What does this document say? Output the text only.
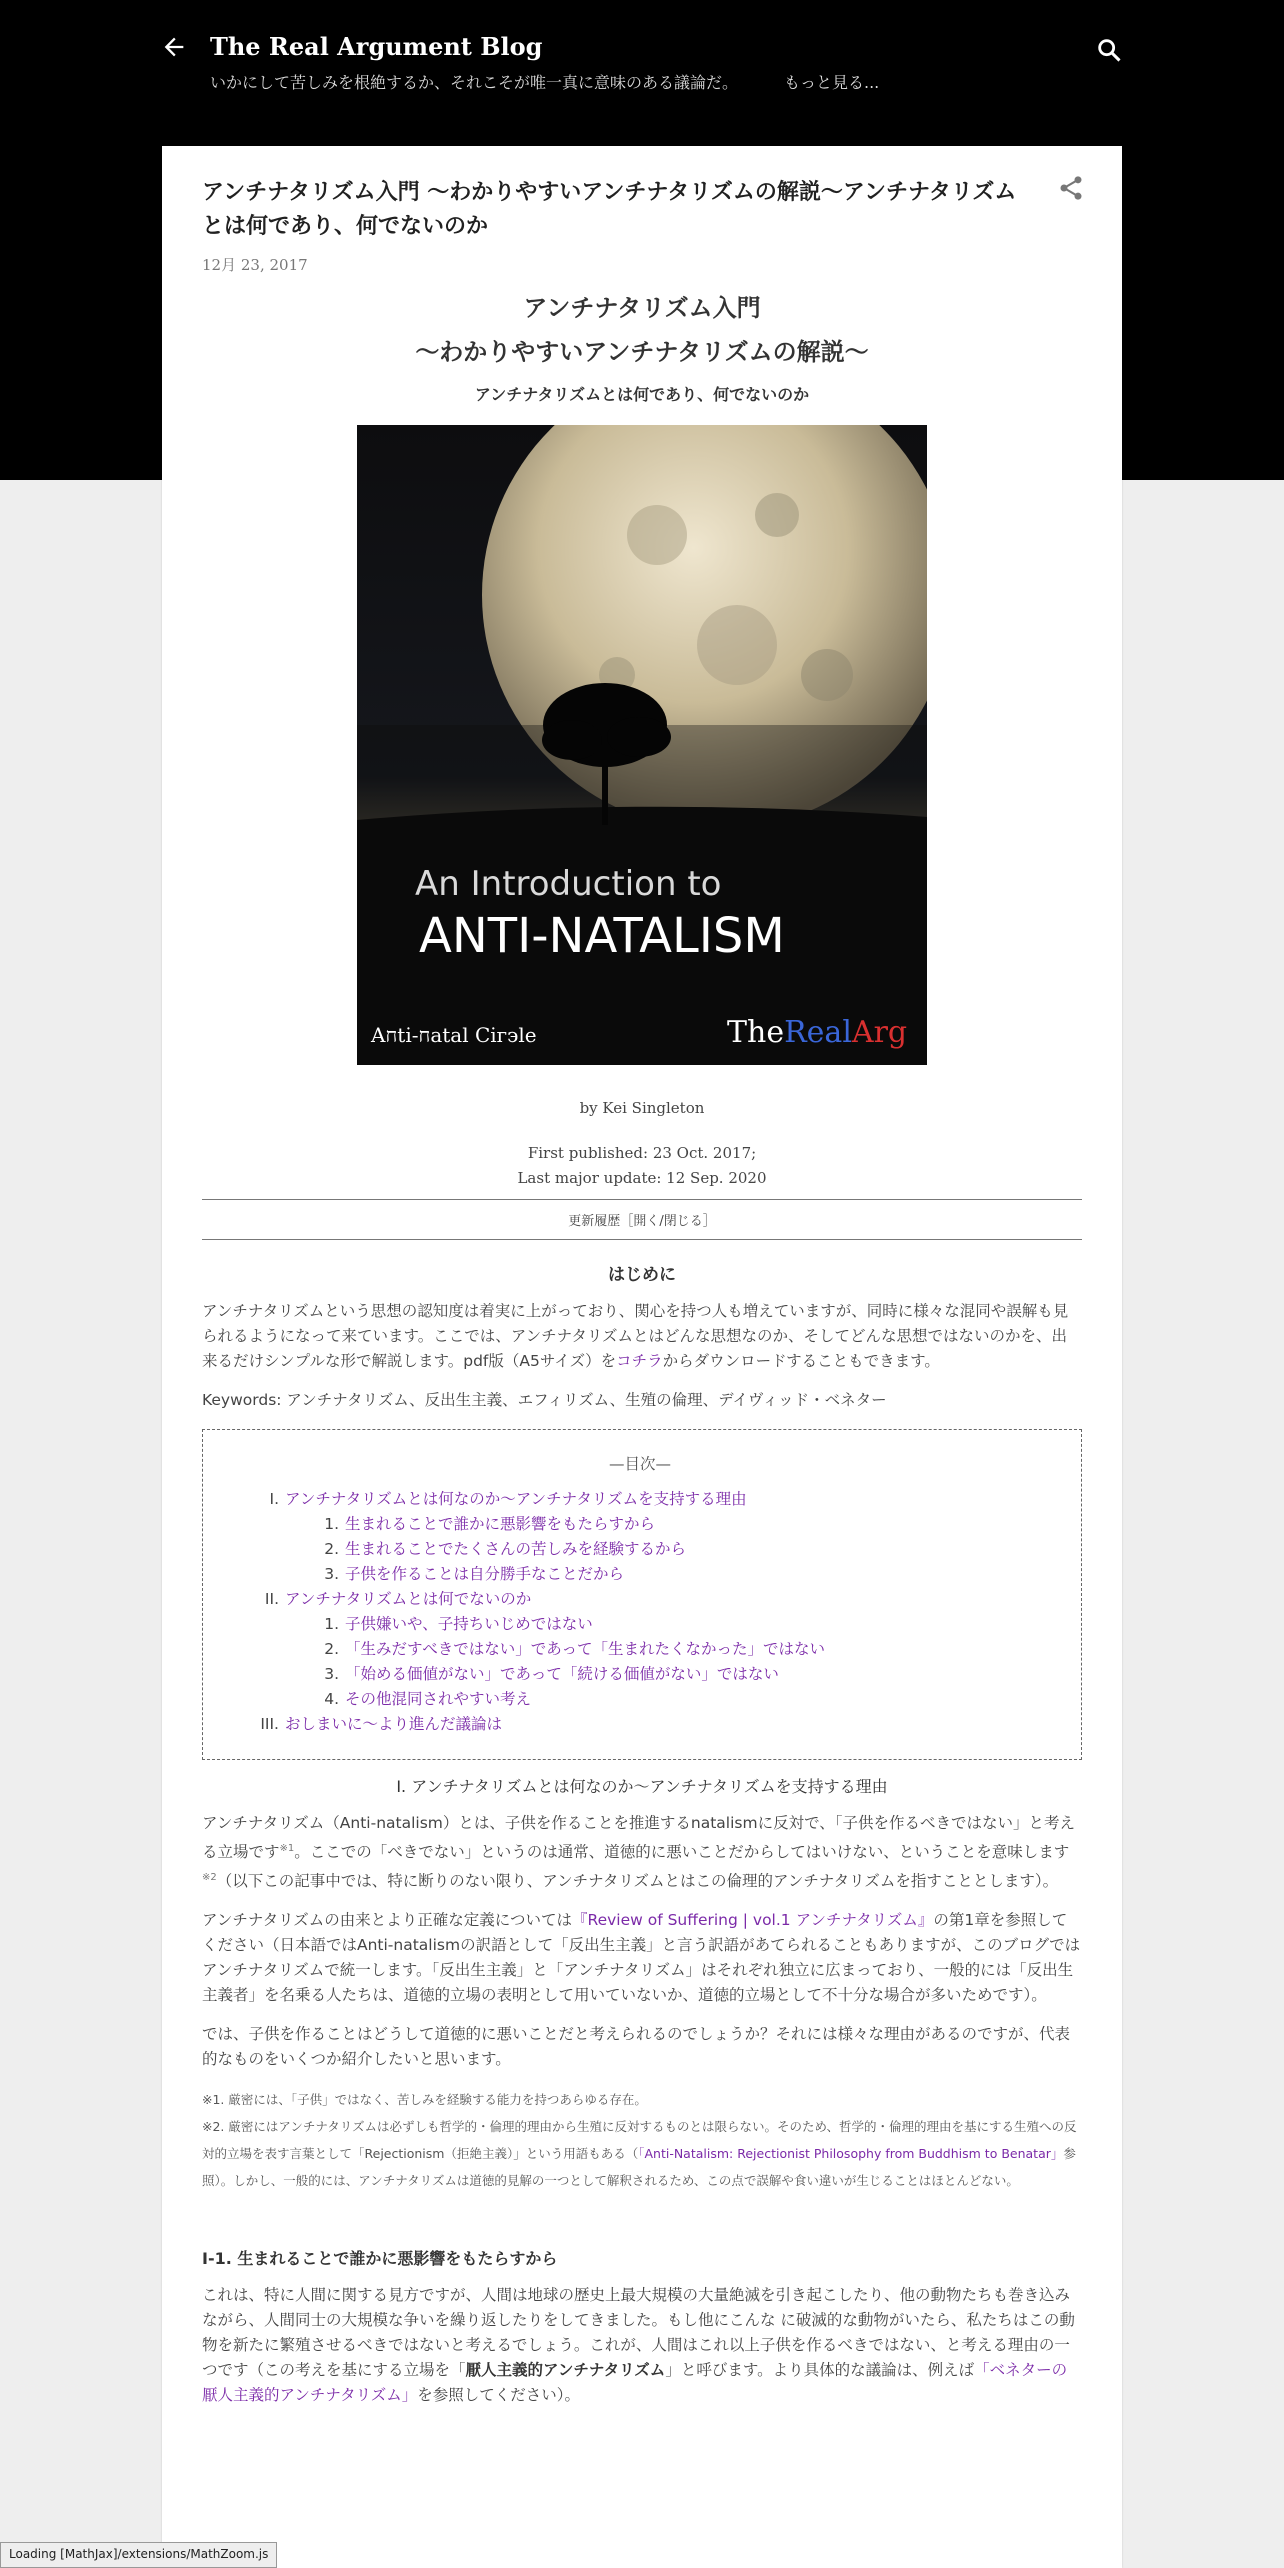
The Real Argument Blog
いかにして苦しみを根絶するか、それこそが唯一真に意味のある議論だ。	もっと見る...
アンチナタリズム入門 ～わかりやすいアンチナタリズムの解説～アンチナタリズムとは何であり、何でないのか
12月 23, 2017
アンチナタリズム入門
～わかりやすいアンチナタリズムの解説～
アンチナタリズムとは何であり、何でないのか
An Introduction to
ANTI-NATALISM
Aחti-חatal Ciгэle	TheRealArg
by Kei Singleton
First published: 23 Oct. 2017;
Last major update: 12 Sep. 2020
更新履歴［開く/閉じる］
はじめに

アンチナタリズムという思想の認知度は着実に上がっており、関心を持つ人も増えていますが、同時に様々な混同や誤解も見られるようになって来ています。ここでは、アンチナタリズムとはどんな思想なのか、そしてどんな思想ではないのかを、出来るだけシンプルな形で解説します。pdf版（A5サイズ）をコチラからダウンロードすることもできます。

Keywords: アンチナタリズム、反出生主義、エフィリズム、生殖の倫理、デイヴィッド・ベネター

—目次—
I. アンチナタリズムとは何なのか～アンチナタリズムを支持する理由
1. 生まれることで誰かに悪影響をもたらすから
2. 生まれることでたくさんの苦しみを経験するから
3. 子供を作ることは自分勝手なことだから
II. アンチナタリズムとは何でないのか
1. 子供嫌いや、子持ちいじめではない
2. 「生みだすべきではない」であって「生まれたくなかった」ではない
3. 「始める価値がない」であって「続ける価値がない」ではない
4. その他混同されやすい考え
III. おしまいに～より進んだ議論は
I. アンチナタリズムとは何なのか～アンチナタリズムを支持する理由

アンチナタリズム（Anti-natalism）とは、子供を作ることを推進するnatalismに反対で、「子供を作るべきではない」と考える立場です$^{※1}$。ここでの「べきでない」というのは通常、道徳的に悪いことだからしてはいけない、ということを意味します$^{※2}$（以下この記事中では、特に断りのない限り、アンチナタリズムとはこの倫理的アンチナタリズムを指すこととします）。

アンチナタリズムの由来とより正確な定義については『Review of Suffering | vol.1 アンチナタリズム』の第1章を参照してください（日本語ではAnti-natalismの訳語として「反出生主義」と言う訳語があてられることもありますが、このブログではアンチナタリズムで統一します。「反出生主義」と「アンチナタリズム」はそれぞれ独立に広まっており、一般的には「反出生主義者」を名乗る人たちは、道徳的立場の表明として用いていないか、道徳的立場として不十分な場合が多いためです）。

では、子供を作ることはどうして道徳的に悪いことだと考えられるのでしょうか？それには様々な理由があるのですが、代表的なものをいくつか紹介したいと思います。

※1. 厳密には、「子供」ではなく、苦しみを経験する能力を持つあらゆる存在。
※2. 厳密にはアンチナタリズムは必ずしも哲学的・倫理的理由から生殖に反対するものとは限らない。そのため、哲学的・倫理的理由を基にする生殖への反対的立場を表す言葉として「Rejectionism（拒絶主義）」という用語もある（「Anti-Natalism: Rejectionist Philosophy from Buddhism to Benatar」参照）。しかし、一般的には、アンチナタリズムは道徳的見解の一つとして解釈されるため、この点で誤解や食い違いが生じることはほとんどない。
I-1. 生まれることで誰かに悪影響をもたらすから

これは、特に人間に関する見方ですが、人間は地球の歴史上最大規模の大量絶滅を引き起こしたり、他の動物たちも巻き込みながら、人間同士の大規模な争いを繰り返したりをしてきました。もし他にこんな に破滅的な動物がいたら、私たちはこの動物を新たに繁殖させるべきではないと考えるでしょう。これが、人間はこれ以上子供を作るべきではない、と考える理由の一つです（この考えを基にする立場を「厭人主義的アンチナタリズム」と呼びます。より具体的な議論は、例えば「ベネターの厭人主義的アンチナタリズム」を参照してください）。

Loading [MathJax]/extensions/MathZoom.js
